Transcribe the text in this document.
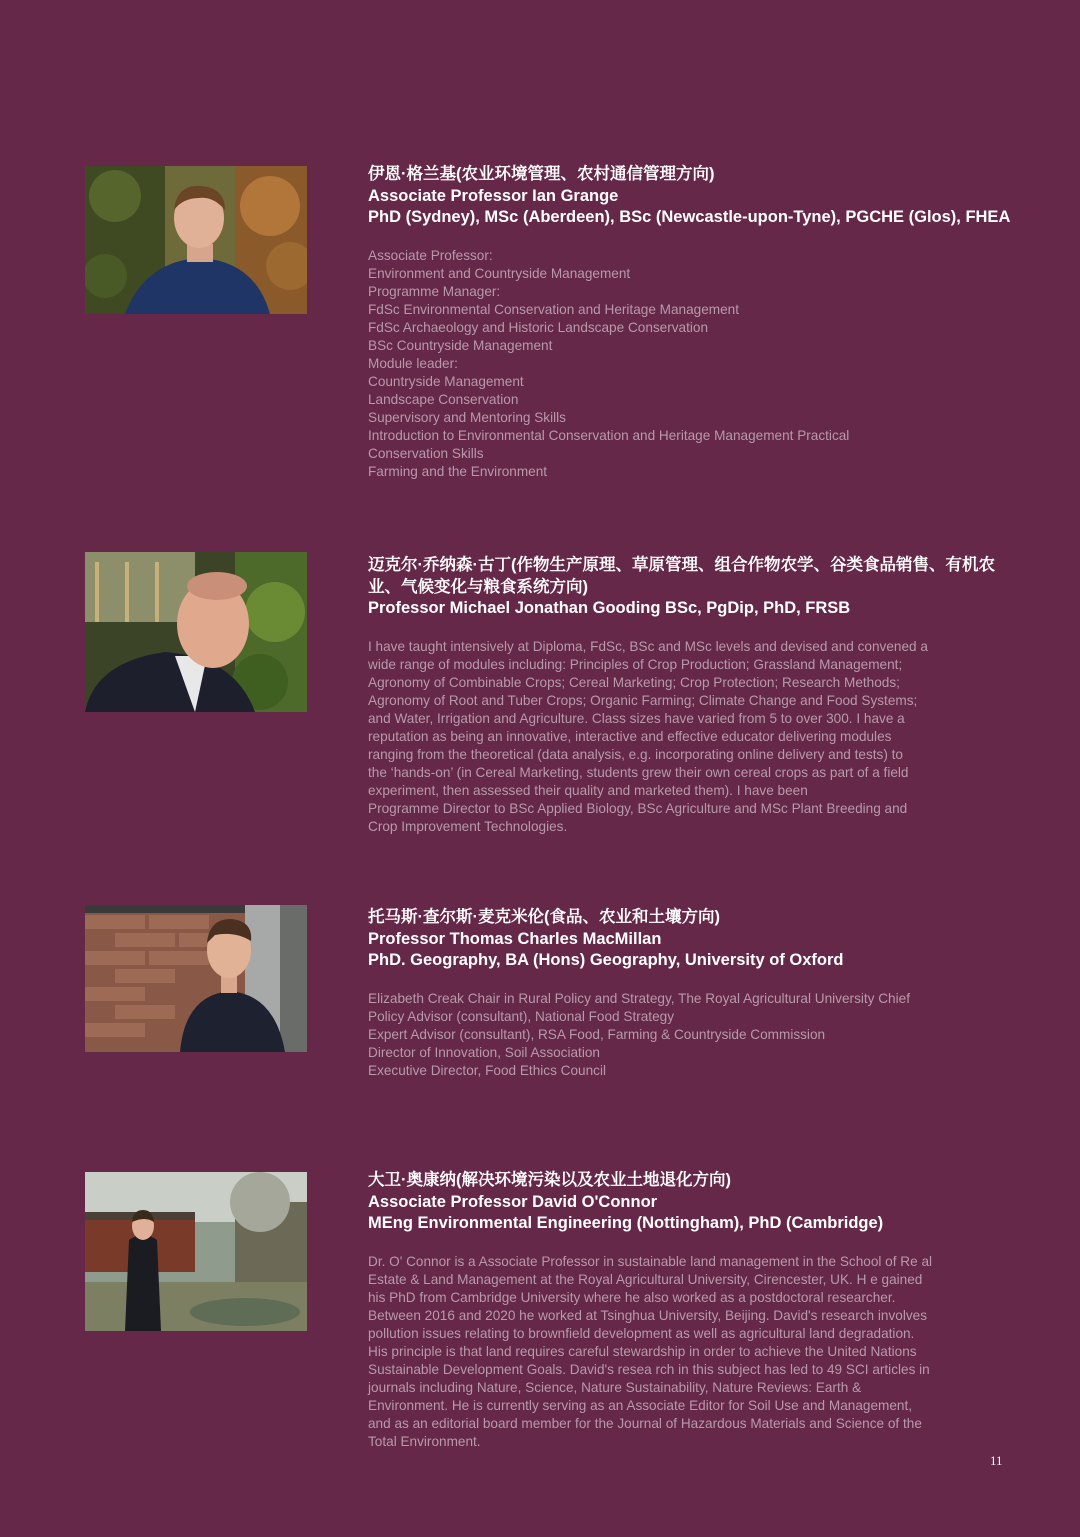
伊恩·格兰基(农业环境管理、农村通信管理方向)
Associate Professor Ian Grange
PhD (Sydney), MSc (Aberdeen), BSc (Newcastle-upon-Tyne), PGCHE (Glos), FHEA
Associate Professor:
Environment and Countryside Management
Programme Manager:
FdSc Environmental Conservation and Heritage Management
FdSc Archaeology and Historic Landscape Conservation
BSc Countryside Management
Module leader:
Countryside Management
Landscape Conservation
Supervisory and Mentoring Skills
Introduction to Environmental Conservation and Heritage Management Practical
Conservation Skills
Farming and the Environment
迈克尔·乔纳森·古丁(作物生产原理、草原管理、组合作物农学、谷类食品销售、有机农
业、气候变化与粮食系统方向)
Professor Michael Jonathan Gooding BSc, PgDip, PhD, FRSB
I have taught intensively at Diploma, FdSc, BSc and MSc levels and devised and convened a
wide range of modules including: Principles of Crop Production; Grassland Management;
Agronomy of Combinable Crops; Cereal Marketing; Crop Protection; Research Methods;
Agronomy of Root and Tuber Crops; Organic Farming; Climate Change and Food Systems;
and Water, Irrigation and Agriculture. Class sizes have varied from 5 to over 300. I have a
reputation as being an innovative, interactive and effective educator delivering modules
ranging from the theoretical (data analysis, e.g. incorporating online delivery and tests) to
the ‘hands-on’ (in Cereal Marketing, students grew their own cereal crops as part of a field
experiment, then assessed their quality and marketed them). I have been
Programme Director to BSc Applied Biology, BSc Agriculture and MSc Plant Breeding and
Crop Improvement Technologies.
托马斯·查尔斯·麦克米伦(食品、农业和土壤方向)
Professor Thomas Charles MacMillan
PhD. Geography, BA (Hons) Geography, University of Oxford
Elizabeth Creak Chair in Rural Policy and Strategy, The Royal Agricultural University Chief
Policy Advisor (consultant), National Food Strategy
Expert Advisor (consultant), RSA Food, Farming & Countryside Commission
Director of Innovation, Soil Association
Executive Director, Food Ethics Council
大卫·奥康纳(解决环境污染以及农业土地退化方向)
Associate Professor David O'Connor
MEng Environmental Engineering (Nottingham), PhD (Cambridge)
Dr. O' Connor is a Associate Professor in sustainable land management in the School of Re al
Estate & Land Management at the Royal Agricultural University, Cirencester, UK. H e gained
his PhD from Cambridge University where he also worked as a postdoctoral researcher.
Between 2016 and 2020 he worked at Tsinghua University, Beijing. David's research involves
pollution issues relating to brownfield development as well as agricultural land degradation.
His principle is that land requires careful stewardship in order to achieve the United Nations
Sustainable Development Goals. David's resea rch in this subject has led to 49 SCI articles in
journals including Nature, Science, Nature Sustainability, Nature Reviews: Earth &
Environment. He is currently serving as an Associate Editor for Soil Use and Management,
and as an editorial board member for the Journal of Hazardous Materials and Science of the
Total Environment.
11
